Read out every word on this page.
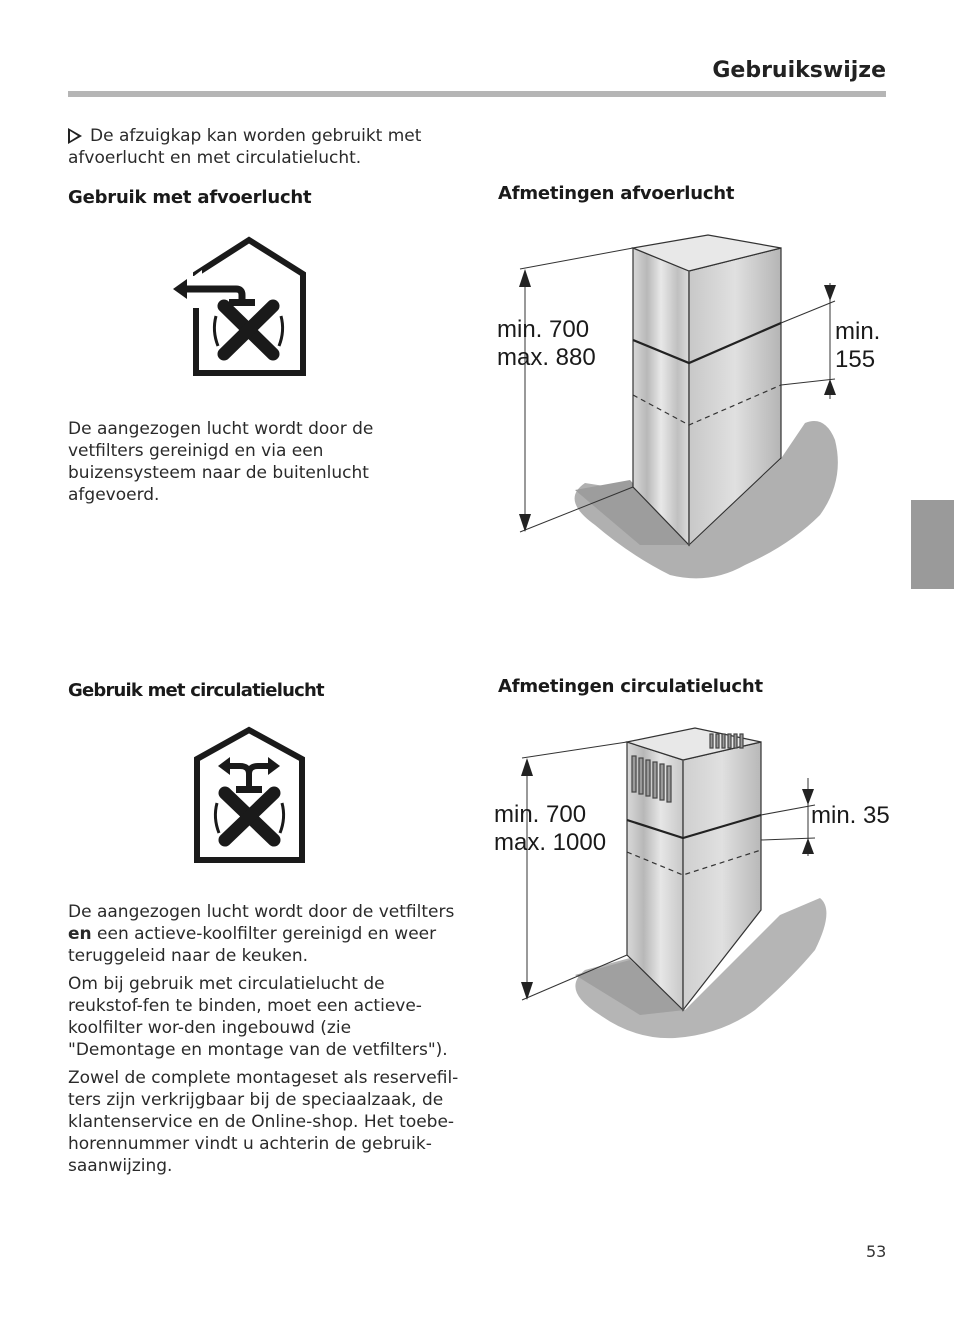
Gebruikswijze
De afzuigkap kan worden gebruikt met afvoerlucht en met circulatielucht.
Gebruik met afvoerlucht
De aangezogen lucht wordt door de vetfilters gereinigd en via een buizensysteem naar de buitenlucht afgevoerd.
Afmetingen afvoerlucht
min. 700
max. 880
min.
155
Gebruik met circulatielucht

De aangezogen lucht wordt door de vetfilters
en een actieve-koolfilter gereinigd en weer teruggeleid naar de keuken.

Om bij gebruik met circulatielucht de reukstof-fen te binden, moet een actieve-koolfilter wor-den ingebouwd (zie "Demontage en montage van de vetfilters").

Zowel de complete montageset als reservefil-ters zijn verkrijgbaar bij de speciaalzaak, de klantenservice en de Online-shop. Het toebe-horennummer vindt u achterin de gebruik-saanwijzing.

Afmetingen circulatielucht
min. 700
max. 1000
min. 35
53
